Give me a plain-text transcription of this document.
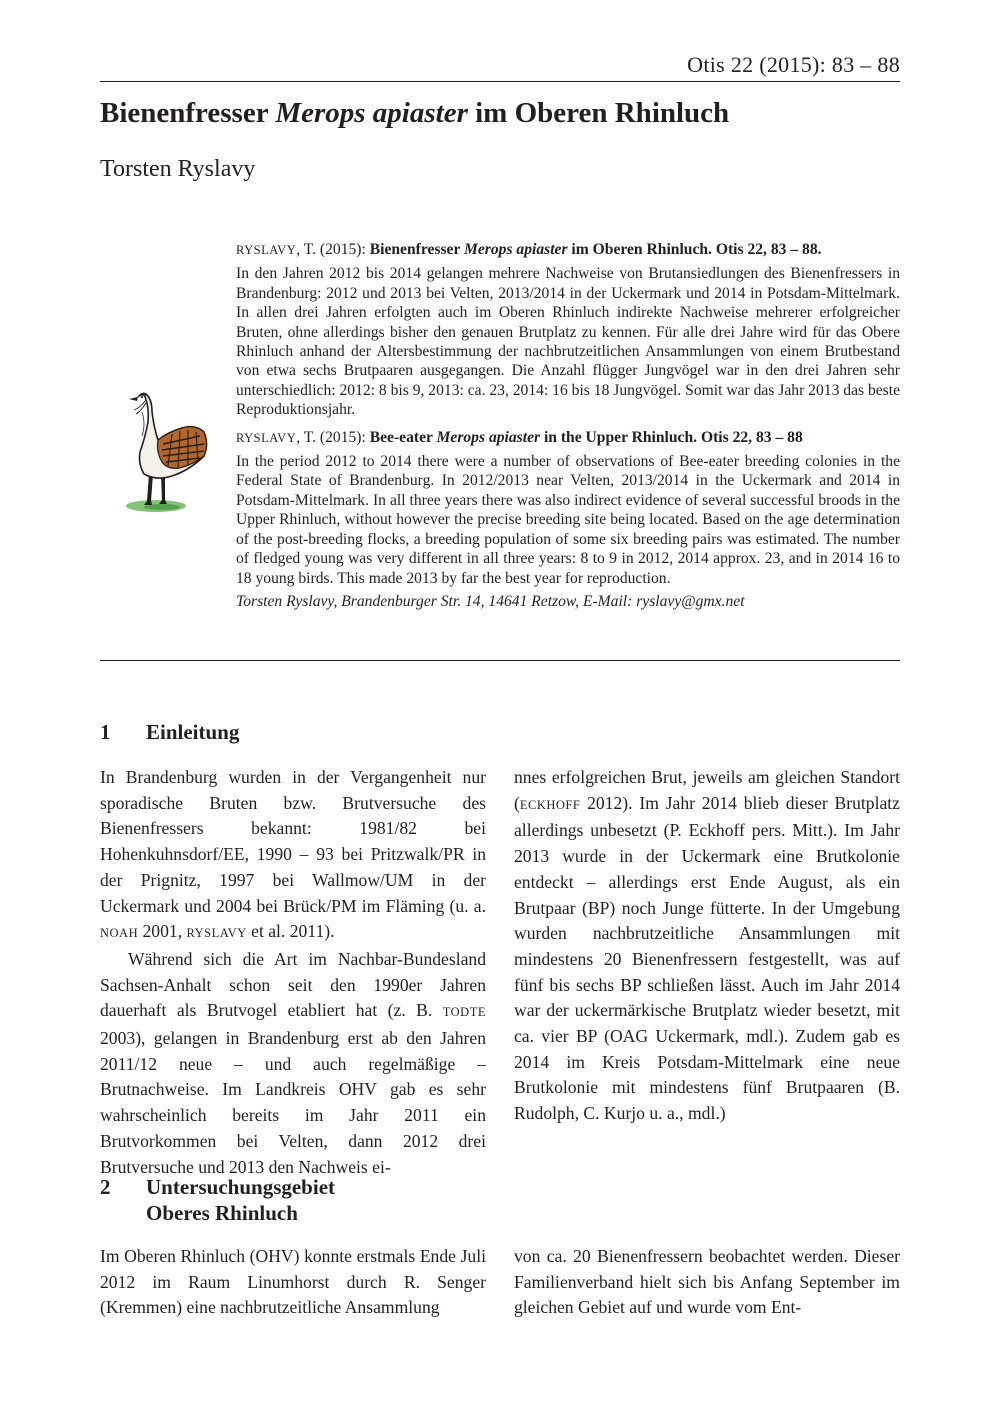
Otis 22 (2015): 83 – 88
Bienenfresser Merops apiaster im Oberen Rhinluch
Torsten Ryslavy

RYSLAVY, T. (2015): Bienenfresser Merops apiaster im Oberen Rhinluch. Otis 22, 83 – 88.

In den Jahren 2012 bis 2014 gelangen mehrere Nachweise von Brutansiedlungen des Bienenfressers in Brandenburg: 2012 und 2013 bei Velten, 2013/2014 in der Uckermark und 2014 in Potsdam-Mittelmark. In allen drei Jahren erfolgten auch im Oberen Rhinluch indirekte Nachweise mehrerer erfolgreicher Bruten, ohne allerdings bisher den genauen Brutplatz zu kennen. Für alle drei Jahre wird für das Obere Rhinluch anhand der Altersbestimmung der nachbrutzeitlichen Ansammlungen von einem Brutbestand von etwa sechs Brutpaaren ausgegangen. Die Anzahl flügger Jungvögel war in den drei Jahren sehr unterschiedlich: 2012: 8 bis 9, 2013: ca. 23, 2014: 16 bis 18 Jungvögel. Somit war das Jahr 2013 das beste Reproduktionsjahr.

RYSLAVY, T. (2015): Bee-eater Merops apiaster in the Upper Rhinluch. Otis 22, 83 – 88

In the period 2012 to 2014 there were a number of observations of Bee-eater breeding colonies in the Federal State of Brandenburg. In 2012/2013 near Velten, 2013/2014 in the Uckermark and 2014 in Potsdam-Mittelmark. In all three years there was also indirect evidence of several successful broods in the Upper Rhinluch, without however the precise breeding site being located. Based on the age determination of the post-breeding flocks, a breeding population of some six breeding pairs was estimated. The number of fledged young was very different in all three years: 8 to 9 in 2012, 2014 approx. 23, and in 2014 16 to 18 young birds. This made 2013 by far the best year for reproduction.

Torsten Ryslavy, Brandenburger Str. 14, 14641 Retzow, E-Mail: ryslavy@gmx.net

1 Einleitung

In Brandenburg wurden in der Vergangenheit nur sporadische Bruten bzw. Brutversuche des Bienenfressers bekannt: 1981/82 bei Hohenkuhnsdorf/EE, 1990 – 93 bei Pritzwalk/PR in der Prignitz, 1997 bei Wallmow/UM in der Uckermark und 2004 bei Brück/PM im Fläming (u. a. NOAH 2001, RYSLAVY et al. 2011).

Während sich die Art im Nachbar-Bundesland Sachsen-Anhalt schon seit den 1990er Jahren dauerhaft als Brutvogel etabliert hat (z. B. TODTE 2003), gelangen in Brandenburg erst ab den Jahren 2011/12 neue – und auch regelmäßige – Brutnachweise. Im Landkreis OHV gab es sehr wahrscheinlich bereits im Jahr 2011 ein Brutvorkommen bei Velten, dann 2012 drei Brutversuche und 2013 den Nachweis ei-

nnes erfolgreichen Brut, jeweils am gleichen Standort (ECKHOFF 2012). Im Jahr 2014 blieb dieser Brutplatz allerdings unbesetzt (P. Eckhoff pers. Mitt.). Im Jahr 2013 wurde in der Uckermark eine Brutkolonie entdeckt – allerdings erst Ende August, als ein Brutpaar (BP) noch Junge fütterte. In der Umgebung wurden nachbrutzeitliche Ansammlungen mit mindestens 20 Bienenfressern festgestellt, was auf fünf bis sechs BP schließen lässt. Auch im Jahr 2014 war der uckermärkische Brutplatz wieder besetzt, mit ca. vier BP (OAG Uckermark, mdl.). Zudem gab es 2014 im Kreis Potsdam-Mittelmark eine neue Brutkolonie mit mindestens fünf Brutpaaren (B. Rudolph, C. Kurjo u. a., mdl.)

2 Untersuchungsgebiet
Oberes Rhinluch

Im Oberen Rhinluch (OHV) konnte erstmals Ende Juli 2012 im Raum Linumhorst durch R. Senger (Kremmen) eine nachbrutzeitliche Ansammlung

von ca. 20 Bienenfressern beobachtet werden. Dieser Familienverband hielt sich bis Anfang September im gleichen Gebiet auf und wurde vom Ent-
